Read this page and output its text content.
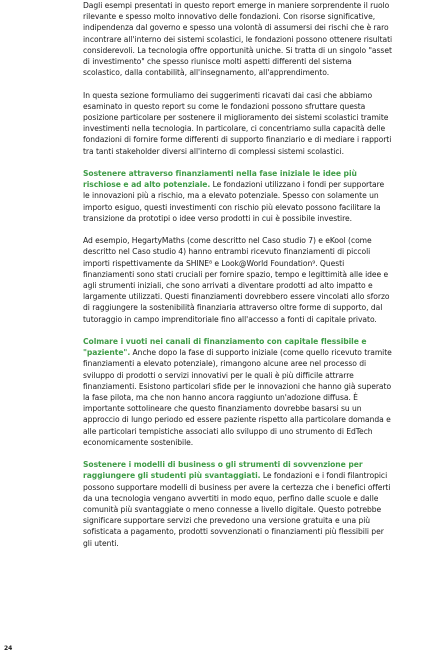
Dagli esempi presentati in questo report emerge in maniere sorprendente il ruolo rilevante e spesso molto innovativo delle fondazioni. Con risorse significative, indipendenza dal governo e spesso una volontà di assumersi dei rischi che è raro incontrare all'interno dei sistemi scolastici, le fondazioni possono ottenere risultati considerevoli. La tecnologia offre opportunità uniche. Si tratta di un singolo "asset di investimento" che spesso riunisce molti aspetti differenti del sistema scolastico, dalla contabilità, all'insegnamento, all'apprendimento.

In questa sezione formuliamo dei suggerimenti ricavati dai casi che abbiamo esaminato in questo report su come le fondazioni possono sfruttare questa posizione particolare per sostenere il miglioramento dei sistemi scolastici tramite investimenti nella tecnologia. In particolare, ci concentriamo sulla capacità delle fondazioni di fornire forme differenti di supporto finanziario e di mediare i rapporti tra tanti stakeholder diversi all'interno di complessi sistemi scolastici.

Sostenere attraverso finanziamenti nella fase iniziale le idee più rischiose e ad alto potenziale. Le fondazioni utilizzano i fondi per supportare le innovazioni più a rischio, ma a elevato potenziale. Spesso con solamente un importo esiguo, questi investimenti con rischio più elevato possono facilitare la transizione da prototipi o idee verso prodotti in cui è possibile investire.

Ad esempio, HegartyMaths (come descritto nel Caso studio 7) e eKool (come descritto nel Caso studio 4) hanno entrambi ricevuto finanziamenti di piccoli importi rispettivamente da SHINE⁸ e Look@World Foundation⁹. Questi finanziamenti sono stati cruciali per fornire spazio, tempo e legittimità alle idee e agli strumenti iniziali, che sono arrivati a diventare prodotti ad alto impatto e largamente utilizzati. Questi finanziamenti dovrebbero essere vincolati allo sforzo di raggiungere la sostenibilità finanziaria attraverso oltre forme di supporto, dal tutoraggio in campo imprenditoriale fino all'accesso a fonti di capitale privato.

Colmare i vuoti nei canali di finanziamento con capitale flessibile e "paziente". Anche dopo la fase di supporto iniziale (come quello ricevuto tramite finanziamenti a elevato potenziale), rimangono alcune aree nel processo di sviluppo di prodotti o servizi innovativi per le quali è più difficile attrarre finanziamenti. Esistono particolari sfide per le innovazioni che hanno già superato la fase pilota, ma che non hanno ancora raggiunto un'adozione diffusa. È importante sottolineare che questo finanziamento dovrebbe basarsi su un approccio di lungo periodo ed essere paziente rispetto alla particolare domanda e alle particolari tempistiche associati allo sviluppo di uno strumento di EdTech economicamente sostenibile.

Sostenere i modelli di business o gli strumenti di sovvenzione per raggiungere gli studenti più svantaggiati. Le fondazioni e i fondi filantropici possono supportare modelli di business per avere la certezza che i benefici offerti da una tecnologia vengano avvertiti in modo equo, perfino dalle scuole e dalle comunità più svantaggiate o meno connesse a livello digitale. Questo potrebbe significare supportare servizi che prevedono una versione gratuita e una più sofisticata a pagamento, prodotti sovvenzionati o finanziamenti più flessibili per gli utenti.

24
